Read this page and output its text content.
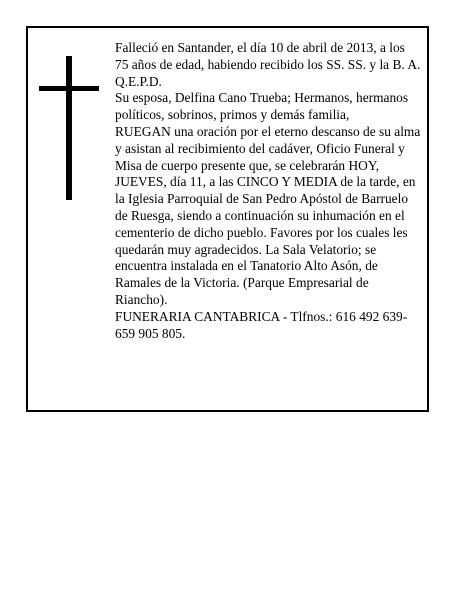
Falleció en Santander, el día 10 de abril de 2013, a los 75 años de edad, habiendo recibido los SS. SS. y la B. A.

Q.E.P.D.

Su esposa, Delfina Cano Trueba; Hermanos, hermanos políticos, sobrinos, primos y demás familia,

RUEGAN una oración por el eterno descanso de su alma y asistan al recibimiento del cadáver, Oficio Funeral y Misa de cuerpo presente que, se celebrarán HOY, JUEVES, día 11, a las CINCO Y MEDIA de la tarde, en la Iglesia Parroquial de San Pedro Apóstol de Barruelo de Ruesga, siendo a continuación su inhumación en el cementerio de dicho pueblo. Favores por los cuales les quedarán muy agradecidos. La Sala Velatorio; se encuentra instalada en el Tanatorio Alto Asón, de Ramales de la Victoria. (Parque Empresarial de Riancho).

FUNERARIA CANTABRICA - Tlfnos.: 616 492 639- 659 905 805.
